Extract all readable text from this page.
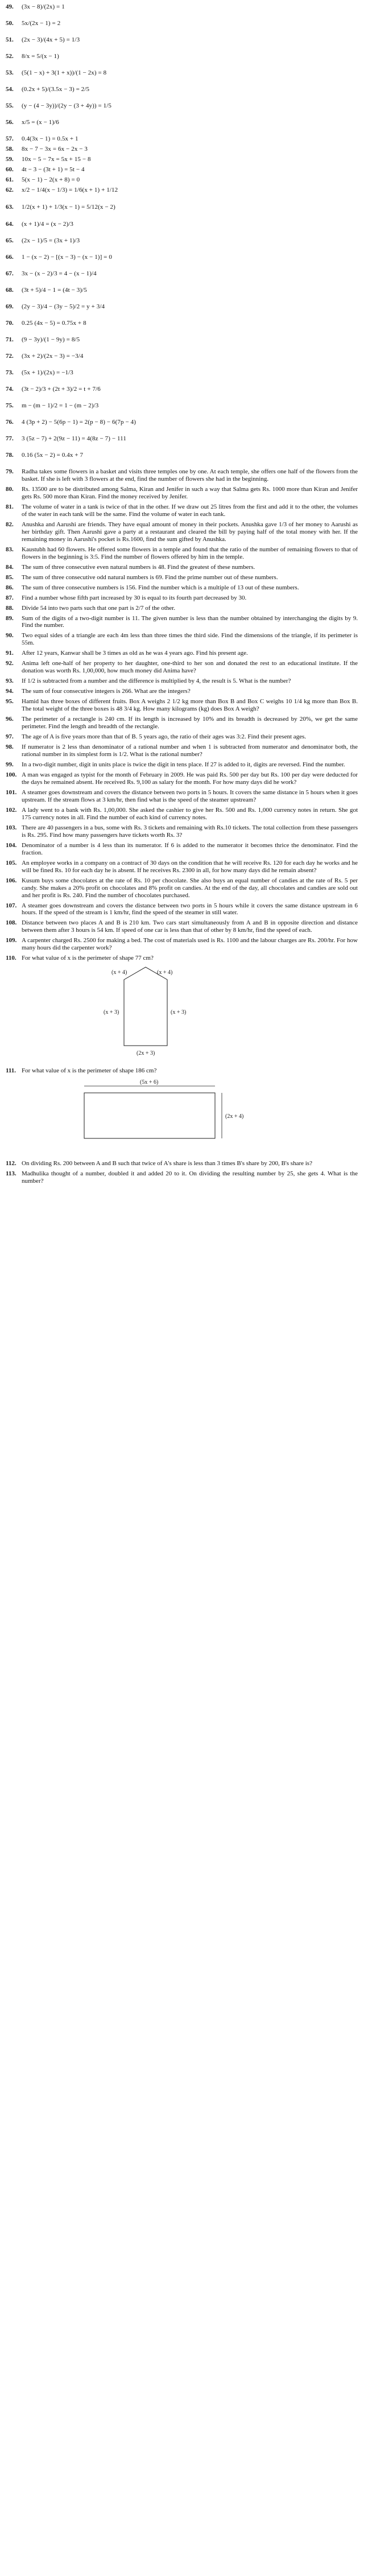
49.	(3x − 8)/(2x) = 1
50.	5x/(2x − 1) = 2
51.	(2x − 3)/(4x + 5) = 1/3
52.	8/x = 5/(x − 1)
53.	(5(1 − x) + 3(1 + x))/(1 − 2x) = 8
54.	(0.2x + 5)/(3.5x − 3) = 2/5
55.	(y − (4 − 3y))/(2y − (3 + 4y)) = 1/5
56.	x/5 = (x − 1)/6
57.	0.4(3x − 1) = 0.5x + 1
58.	8x − 7 − 3x = 6x − 2x − 3
59.	10x − 5 − 7x = 5x + 15 − 8
60.	4t − 3 − (3t + 1) = 5t − 4
61.	5(x − 1) − 2(x + 8) = 0
62.	x/2 − 1/4(x − 1/3) = 1/6(x + 1) + 1/12
63.	1/2(x + 1) + 1/3(x − 1) = 5/12(x − 2)
64.	(x + 1)/4 = (x − 2)/3
65.	(2x − 1)/5 = (3x + 1)/3
66.	1 − (x − 2) − [(x − 3) − (x − 1)] = 0
67.	3x − (x − 2)/3 = 4 − (x − 1)/4
68.	(3t + 5)/4 − 1 = (4t − 3)/5
69.	(2y − 3)/4 − (3y − 5)/2 = y + 3/4
70.	0.25 (4x − 5) = 0.75x + 8
71.	(9 − 3y)/(1 − 9y) = 8/5
72.	(3x + 2)/(2x − 3) = −3/4
73.	(5x + 1)/(2x) = −1/3
74.	(3t − 2)/3 + (2t + 3)/2 = t + 7/6
75.	m − (m − 1)/2 = 1 − (m − 2)/3
76.	4 (3p + 2) − 5(6p − 1) = 2(p − 8) − 6(7p − 4)
77.	3 (5z − 7) + 2(9z − 11) = 4(8z − 7) − 111
78.	0.16 (5x − 2) = 0.4x + 7
79.	Radha takes some flowers in a basket and visits three temples one by one. At each temple, she offers one half of the flowers from the basket. If she is left with 3 flowers at the end, find the number of flowers she had in the beginning.
80.	Rs. 13500 are to be distributed among Salma, Kiran and Jenifer in such a way that Salma gets Rs. 1000 more than Kiran and Jenifer gets Rs. 500 more than Kiran. Find the money received by Jenifer.
81.	The volume of water in a tank is twice of that in the other. If we draw out 25 litres from the first and add it to the other, the volumes of the water in each tank will be the same. Find the volume of water in each tank.
82.	Anushka and Aarushi are friends. They have equal amount of money in their pockets. Anushka gave 1/3 of her money to Aarushi as her birthday gift. Then Aarushi gave a party at a restaurant and cleared the bill by paying half of the total money with her. If the remaining money in Aarushi's pocket is Rs.1600, find the sum gifted by Anushka.
83.	Kaustubh had 60 flowers. He offered some flowers in a temple and found that the ratio of the number of remaining flowers to that of flowers in the beginning is 3:5. Find the number of flowers offered by him in the temple.
84.	The sum of three consecutive even natural numbers is 48. Find the greatest of these numbers.
85.	The sum of three consecutive odd natural numbers is 69. Find the prime number out of these numbers.
86.	The sum of three consecutive numbers is 156. Find the number which is a multiple of 13 out of these numbers.
87.	Find a number whose fifth part increased by 30 is equal to its fourth part decreased by 30.
88.	Divide 54 into two parts such that one part is 2/7 of the other.
89.	Sum of the digits of a two-digit number is 11. The given number is less than the number obtained by interchanging the digits by 9. Find the number.
90.	Two equal sides of a triangle are each 4m less than three times the third side. Find the dimensions of the triangle, if its perimeter is 55m.
91.	After 12 years, Kanwar shall be 3 times as old as he was 4 years ago. Find his present age.
92.	Anima left one-half of her property to her daughter, one-third to her son and donated the rest to an educational institute. If the donation was worth Rs. 1,00,000, how much money did Anima have?
93.	If 1/2 is subtracted from a number and the difference is multiplied by 4, the result is 5. What is the number?
94.	The sum of four consecutive integers is 266. What are the integers?
95.	Hamid has three boxes of different fruits. Box A weighs 2 1/2 kg more than Box B and Box C weighs 10 1/4 kg more than Box B. The total weight of the three boxes is 48 3/4 kg. How many kilograms (kg) does Box A weigh?
96.	The perimeter of a rectangle is 240 cm. If its length is increased by 10% and its breadth is decreased by 20%, we get the same perimeter. Find the length and breadth of the rectangle.
97.	The age of A is five years more than that of B. 5 years ago, the ratio of their ages was 3:2. Find their present ages.
98.	If numerator is 2 less than denominator of a rational number and when 1 is subtracted from numerator and denominator both, the rational number in its simplest form is 1/2. What is the rational number?
99.	In a two-digit number, digit in units place is twice the digit in tens place. If 27 is added to it, digits are reversed. Find the number.
100. A man was engaged as typist for the month of February in 2009. He was paid Rs. 500 per day but Rs. 100 per day were deducted for the days he remained absent. He received Rs. 9,100 as salary for the month. For how many days did he work?
101. A steamer goes downstream and covers the distance between two ports in 5 hours. It covers the same distance in 5 hours when it goes upstream. If the stream flows at 3 km/hr, then find what is the speed of the steamer upstream?
102. A lady went to a bank with Rs. 1,00,000. She asked the cashier to give her Rs. 500 and Rs. 1,000 currency notes in return. She got 175 currency notes in all. Find the number of each kind of currency notes.
103. There are 40 passengers in a bus, some with Rs. 3 tickets and remaining with Rs.10 tickets. The total collection from these passengers is Rs. 295. Find how many passengers have tickets worth Rs. 3?
104. Denominator of a number is 4 less than its numerator. If 6 is added to the numerator it becomes thrice the denominator. Find the fraction.
105. An employee works in a company on a contract of 30 days on the condition that he will receive Rs. 120 for each day he works and he will be fined Rs. 10 for each day he is absent. If he receives Rs. 2300 in all, for how many days did he remain absent?
106. Kusum buys some chocolates at the rate of Rs. 10 per chocolate. She also buys an equal number of candies at the rate of Rs. 5 per candy. She makes a 20% profit on chocolates and 8% profit on candies. At the end of the day, all chocolates and candies are sold out and her profit is Rs. 240. Find the number of chocolates purchased.
107. A steamer goes downstream and covers the distance between two ports in 5 hours while it covers the same distance upstream in 6 hours. If the speed of the stream is 1 km/hr, find the speed of the steamer in still water.
108. Distance between two places A and B is 210 km. Two cars start simultaneously from A and B in opposite direction and distance between them after 3 hours is 54 km. If speed of one car is less than that of other by 8 km/hr, find the speed of each.
109. A carpenter charged Rs. 2500 for making a bed. The cost of materials used is Rs. 1100 and the labour charges are Rs. 200/hr. For how many hours did the carpenter work?
110. For what value of x is the perimeter of shape 77 cm?
(x + 4)	(x + 4)
(x + 3)	(x + 3)
(2x + 3)
111. For what value of x is the perimeter of shape 186 cm?
(5x + 6)
(2x + 4)
112. On dividing Rs. 200 between A and B such that twice of A's share is less than 3 times B's share by 200, B's share is?
113. Madhulika thought of a number, doubled it and added 20 to it. On dividing the resulting number by 25, she gets 4. What is the number?
